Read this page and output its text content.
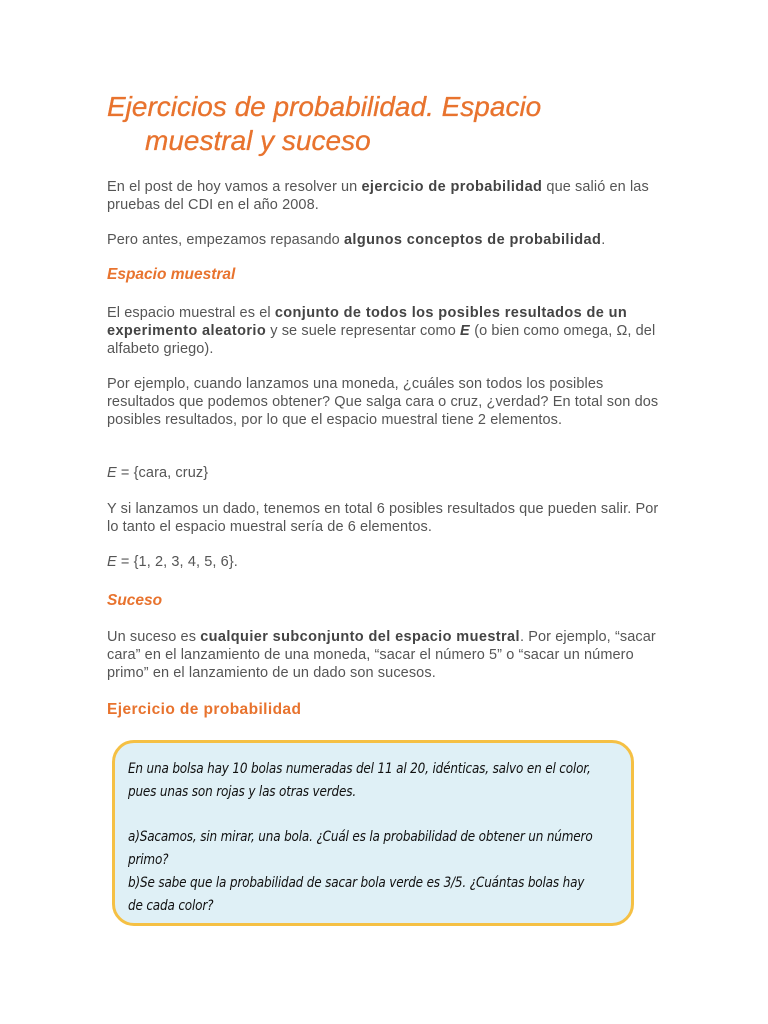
Ejercicios de probabilidad. Espacio

muestral y suceso

En el post de hoy vamos a resolver un ejercicio de probabilidad que salió en las pruebas del CDI en el año 2008.

Pero antes, empezamos repasando algunos conceptos de probabilidad.

Espacio muestral

El espacio muestral es el conjunto de todos los posibles resultados de un experimento aleatorio y se suele representar como E (o bien como omega, Ω, del alfabeto griego).

Por ejemplo, cuando lanzamos una moneda, ¿cuáles son todos los posibles resultados que podemos obtener? Que salga cara o cruz, ¿verdad? En total son dos posibles resultados, por lo que el espacio muestral tiene 2 elementos.

E = {cara, cruz}

Y si lanzamos un dado, tenemos en total 6 posibles resultados que pueden salir. Por lo tanto el espacio muestral sería de 6 elementos.

E = {1, 2, 3, 4, 5, 6}.

Suceso

Un suceso es cualquier subconjunto del espacio muestral. Por ejemplo, “sacar cara” en el lanzamiento de una moneda, “sacar el número 5” o “sacar un número primo” en el lanzamiento de un dado son sucesos.

Ejercicio de probabilidad

En una bolsa hay 10 bolas numeradas del 11 al 20, idénticas, salvo en el color,

pues unas son rojas y las otras verdes.

a)Sacamos, sin mirar, una bola. ¿Cuál es la probabilidad de obtener un número

primo?

b)Se sabe que la probabilidad de sacar bola verde es 3/5. ¿Cuántas bolas hay

de cada color?
